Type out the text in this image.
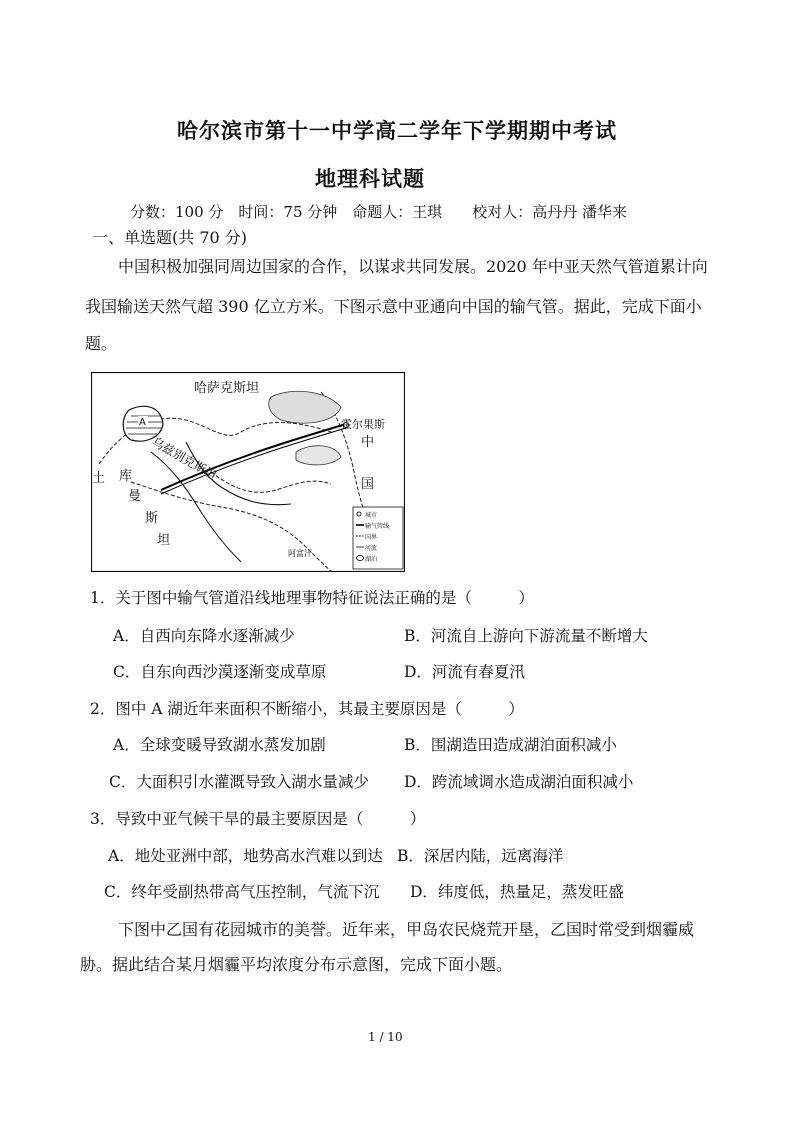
哈尔滨市第十一中学高二学年下学期期中考试
地理科试题
分数：100 分　时间：75 分钟　命题人：王琪　　校对人：高丹丹 潘华来
一、单选题(共 70 分)
中国积极加强同周边国家的合作，以谋求共同发展。2020 年中亚天然气管道累计向
我国输送天然气超 390 亿立方米。下图示意中亚通向中国的输气管。据此，完成下面小
题。
哈萨克斯坦
霍尔果斯
中
国
A
乌兹别克斯坦
土 库
曼
斯
坦
阿富汗
城市
输气管线
国界
河流
湖泊
1．关于图中输气管道沿线地理事物特征说法正确的是（　　　）
A．自西向东降水逐渐减少	B．河流自上游向下游流量不断增大
C．自东向西沙漠逐渐变成草原	D．河流有春夏汛
2．图中 A 湖近年来面积不断缩小，其最主要原因是（　　　）
A．全球变暖导致湖水蒸发加剧	B．围湖造田造成湖泊面积减小
C．大面积引水灌溉导致入湖水量减少 D．跨流域调水造成湖泊面积减小
3．导致中亚气候干旱的最主要原因是（　　　）
A．地处亚洲中部，地势高水汽难以到达 B．深居内陆，远离海洋
C．终年受副热带高气压控制，气流下沉 D．纬度低，热量足，蒸发旺盛
下图中乙国有花园城市的美誉。近年来，甲岛农民烧荒开垦，乙国时常受到烟霾威
胁。据此结合某月烟霾平均浓度分布示意图，完成下面小题。
1 / 10
